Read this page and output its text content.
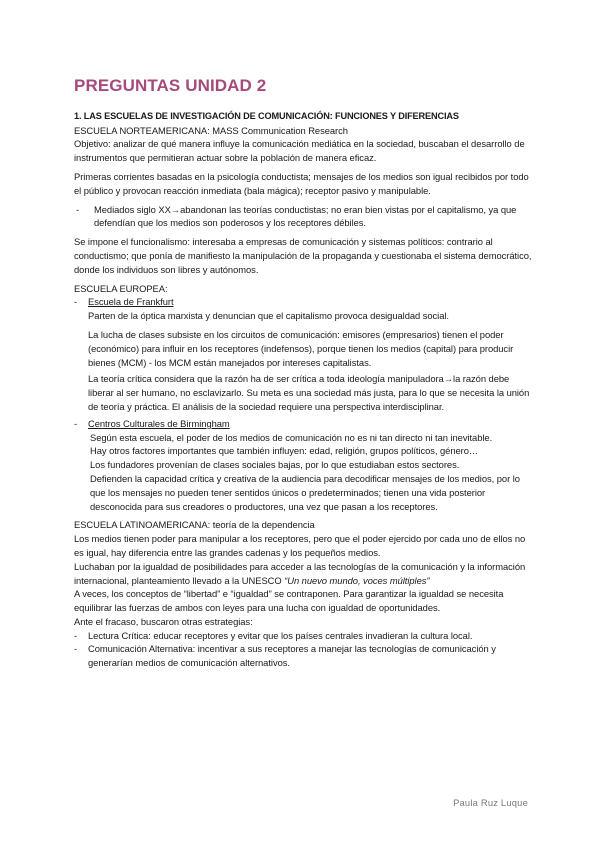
PREGUNTAS UNIDAD 2

1. LAS ESCUELAS DE INVESTIGACIÓN DE COMUNICACIÓN: FUNCIONES Y DIFERENCIAS

ESCUELA NORTEAMERICANA: MASS Communication Research

Objetivo: analizar de qué manera influye la comunicación mediática en la sociedad, buscaban el desarrollo de instrumentos que permitieran actuar sobre la población de manera eficaz.

Primeras corrientes basadas en la psicología conductista; mensajes de los medios son igual recibidos por todo el público y provocan reacción inmediata (bala mágica); receptor pasivo y manipulable.

- Mediados siglo XX→abandonan las teorías conductistas; no eran bien vistas por el capitalismo, ya que defendían que los medios son poderosos y los receptores débiles.

Se impone el funcionalismo: interesaba a empresas de comunicación y sistemas políticos: contrario al conductismo; que ponía de manifiesto la manipulación de la propaganda y cuestionaba el sistema democrático, donde los individuos son libres y autónomos.

ESCUELA EUROPEA:

- Escuela de Frankfurt

Parten de la óptica marxista y denuncian que el capitalismo provoca desigualdad social.

La lucha de clases subsiste en los circuitos de comunicación: emisores (empresarios) tienen el poder (económico) para influir en los receptores (indefensos), porque tienen los medios (capital) para producir bienes (MCM) - los MCM están manejados por intereses capitalistas.

La teoría crítica considera que la razón ha de ser crítica a toda ideología manipuladora→la razón debe liberar al ser humano, no esclavizarlo. Su meta es una sociedad más justa, para lo que se necesita la unión de teoría y práctica. El análisis de la sociedad requiere una perspectiva interdisciplinar.

- Centros Culturales de Birmingham

Según esta escuela, el poder de los medios de comunicación no es ni tan directo ni tan inevitable.

Hay otros factores importantes que también influyen: edad, religión, grupos políticos, género…

Los fundadores provenían de clases sociales bajas, por lo que estudiaban estos sectores.

Defienden la capacidad crítica y creativa de la audiencia para decodificar mensajes de los medios, por lo que los mensajes no pueden tener sentidos únicos o predeterminados; tienen una vida posterior desconocida para sus creadores o productores, una vez que pasan a los receptores.

ESCUELA LATINOAMERICANA: teoría de la dependencia

Los medios tienen poder para manipular a los receptores, pero que el poder ejercido por cada uno de ellos no es igual, hay diferencia entre las grandes cadenas y los pequeños medios.

Luchaban por la igualdad de posibilidades para acceder a las tecnologías de la comunicación y la información internacional, planteamiento llevado a la UNESCO “Un nuevo mundo, voces múltiples”

A veces, los conceptos de “libertad” e “igualdad” se contraponen. Para garantizar la igualdad se necesita equilibrar las fuerzas de ambos con leyes para una lucha con igualdad de oportunidades.

Ante el fracaso, buscaron otras estrategias:

- Lectura Crítica: educar receptores y evitar que los países centrales invadieran la cultura local.
- Comunicación Alternativa: incentivar a sus receptores a manejar las tecnologías de comunicación y generarían medios de comunicación alternativos.
Paula Ruz Luque
